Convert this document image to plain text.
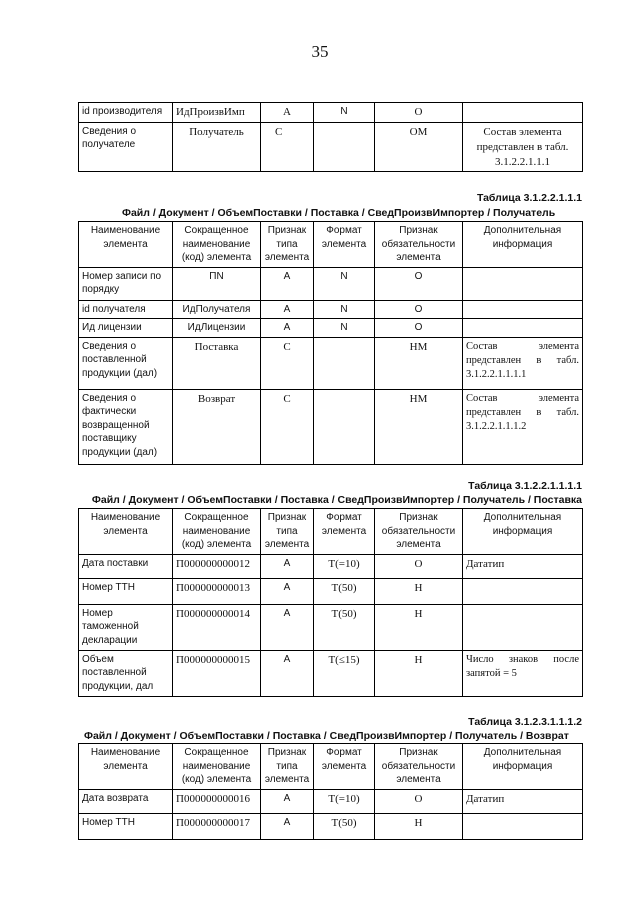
35
id производителя	ИдПроизвИмп	А	N	О	
Сведения о получателе	Получатель	С		ОМ	Состав элемента представлен в табл. 3.1.2.2.1.1.1
Таблица 3.1.2.2.1.1.1
Файл / Документ / ОбъемПоставки / Поставка / СведПроизвИмпортер / Получатель
Наименование элемента	Сокращенное наименование (код) элемента	Признак типа элемента	Формат элемента	Признак обязательности элемента	Дополнительная информация
Номер записи по порядку	ПN	А	N	О	
id получателя	ИдПолучателя	А	N	О	
Ид лицензии	ИдЛицензии	А	N	О	
Сведения о поставленной продукции (дал)	Поставка	С		НМ	Состав элемента представлен в табл. 3.1.2.2.1.1.1.1
Сведения о фактически возвращенной поставщику продукции (дал)	Возврат	С		НМ	Состав элемента представлен в табл. 3.1.2.2.1.1.1.2
Таблица 3.1.2.2.1.1.1.1
Файл / Документ / ОбъемПоставки / Поставка / СведПроизвИмпортер / Получатель / Поставка
Наименование элемента	Сокращенное наименование (код) элемента	Признак типа элемента	Формат элемента	Признак обязательности элемента	Дополнительная информация
Дата поставки	П000000000012	А	Т(=10)	О	Дататип
Номер ТТН	П000000000013	А	Т(50)	Н	
Номер таможенной декларации	П000000000014	А	Т(50)	Н	
Объем поставленной продукции, дал	П000000000015	А	Т(≤15)	Н	Число знаков после запятой = 5
Таблица 3.1.2.3.1.1.1.2
Файл / Документ / ОбъемПоставки / Поставка / СведПроизвИмпортер / Получатель / Возврат
Наименование элемента	Сокращенное наименование (код) элемента	Признак типа элемента	Формат элемента	Признак обязательности элемента	Дополнительная информация
Дата возврата	П000000000016	А	Т(=10)	О	Дататип
Номер ТТН	П000000000017	А	Т(50)	Н	
